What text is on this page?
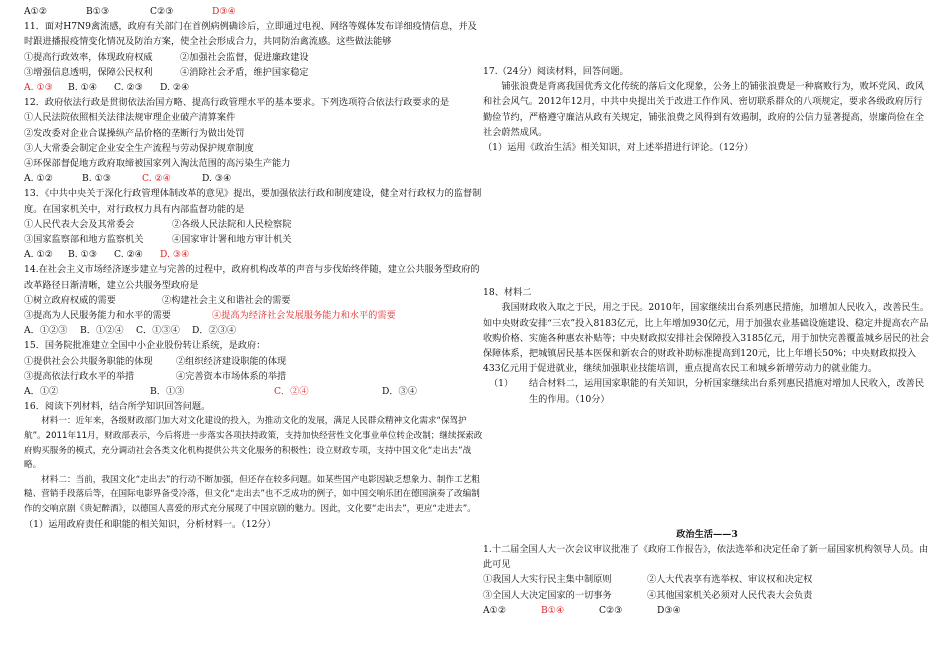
A①②	B①③	C②③	D③④
11．面对H7N9禽流感，政府有关部门在首例病例确诊后，立即通过电视、网络等媒体发布详细疫情信息，并及时跟进播报疫情变化情况及防治方案，使全社会形成合力，共同防治禽流感。这些做法能够
①提高行政效率，体现政府权威	②加强社会监督，促进廉政建设
③增强信息透明，保障公民权利	④消除社会矛盾，维护国家稳定
A. ①③ B. ①④ C. ②③ D. ②④
12．政府依法行政是贯彻依法治国方略、提高行政管理水平的基本要求。下列选项符合依法行政要求的是
①人民法院依照相关法律法规审理企业破产清算案件
②发改委对企业合谋操纵产品价格的垄断行为做出处罚
③人大常委会制定企业安全生产流程与劳动保护规章制度
④环保部督促地方政府取缔被国家列入淘汰范围的高污染生产能力
A. ①②	B. ①③	C. ②④	D. ③④
13．《中共中央关于深化行政管理体制改革的意见》提出，要加强依法行政和制度建设，健全对行政权力的监督制度。在国家机关中，对行政权力具有内部监督功能的是
①人民代表大会及其常委会	②各级人民法院和人民检察院
③国家监察部和地方监察机关	④国家审计署和地方审计机关
A. ①② B. ①③ C. ②④ D. ③④
14.在社会主义市场经济逐步建立与完善的过程中，政府机构改革的声音与步伐始终伴随，建立公共服务型政府的改革路径日渐清晰，建立公共服务型政府是
①树立政府权威的需要	②构建社会主义和谐社会的需要
③提高为人民服务能力和水平的需要	④提高为经济社会发展服务能力和水平的需要
A．①②③ B．①②④ C．①③④ D．②③④
15．国务院批准建立全国中小企业股份转让系统，是政府：
①提供社会公共服务职能的体现	②组织经济建设职能的体现
③提高依法行政水平的举措	④完善资本市场体系的举措
A．①②	B．①③	C．②④	D．③④
16．阅读下列材料，结合所学知识回答问题。
材料一：近年来，各级财政部门加大对文化建设的投入，为推动文化的发展，满足人民群众精神文化需求“保驾护航”。2011年11月，财政部表示，今后将进一步落实各项扶持政策，支持加快经营性文化事业单位转企改制；继续探索政府购买服务的模式，充分调动社会各类文化机构提供公共文化服务的积极性；设立财政专项，支持中国文化“走出去”战略。
材料二：当前，我国文化“走出去”的行动不断加强，但还存在较多问题。如某些国产电影因缺乏想象力、制作工艺粗糙、营销手段落后等，在国际电影界备受冷落，但文化“走出去”也不乏成功的例子，如中国交响乐团在德国演奏了改编制作的交响京剧《贵妃醉酒》，以德国人喜爱的形式充分展现了中国京剧的魅力。因此，文化要“走出去”，更应“走进去”。
（1）运用政府责任和职能的相关知识，分析材料一。（12分）
17.（24分）阅读材料，回答问题。
铺张浪费是背离我国优秀文化传统的落后文化现象，公务上的铺张浪费是一种腐败行为，败坏党风、政风和社会风气。2012年12月，中共中央提出关于改进工作作风、密切联系群众的八项规定，要求各级政府厉行勤俭节约，严格遵守廉洁从政有关规定，铺张浪费之风得到有效遏制，政府的公信力显著提高，崇廉尚俭在全社会蔚然成风。
（1）运用《政治生活》相关知识，对上述举措进行评论。（12分）
18、材料二
我国财政收入取之于民，用之于民。2010年，国家继续出台系列惠民措施，加增加人民收入，改善民生。如中央财政安排“三农”投入8183亿元，比上年增加930亿元，用于加强农业基础设施建设、稳定并提高农产品收购价格、实施各种惠农补贴等；中央财政拟安排社会保障投入3185亿元，用于加快完善覆盖城乡居民的社会保障体系，把城镇居民基本医保和新农合的财政补助标准提高到120元，比上年增长50%；中央财政拟投入433亿元用于促进就业，继续加强职业技能培训，重点提高农民工和城乡新增劳动力的就业能力。
（1）	结合材料二，运用国家职能的有关知识，分析国家继续出台系列惠民措施对增加人民收入，改善民生的作用。（10分）
政治生活——3
1.十二届全国人大一次会议审议批准了《政府工作报告》，依法选举和决定任命了新一届国家机构领导人员。由此可见
①我国人大实行民主集中制原则	②人大代表享有选举权、审议权和决定权
③全国人大决定国家的一切事务	④其他国家机关必须对人民代表大会负责
A①②	B①④	C②③	D③④
